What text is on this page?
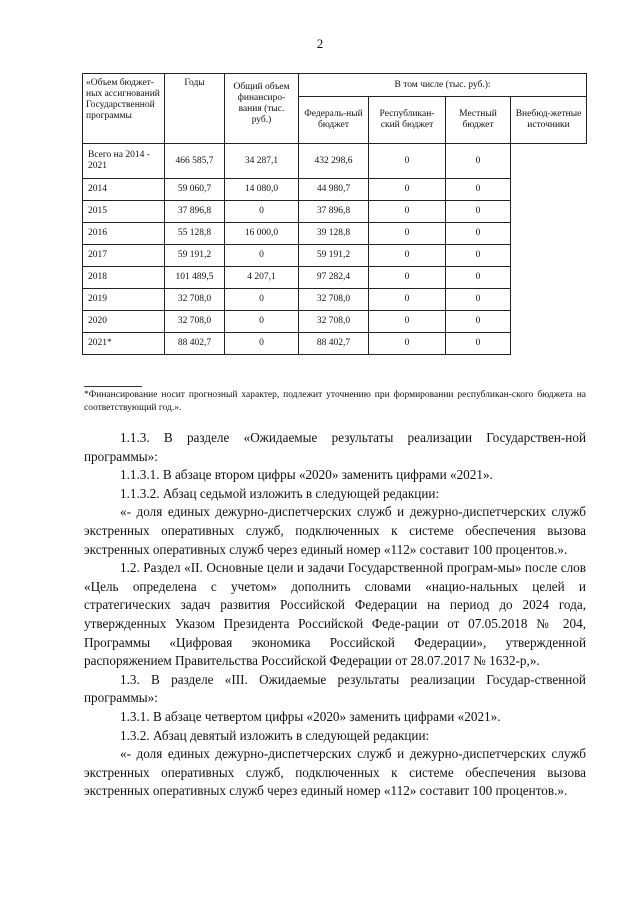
2
«Объем бюджет-ных ассигнований Государственной программы	Годы	Общий объем финансиро-вания (тыс. руб.)	В том числе (тыс. руб.):			
			Федераль-ный бюджет	Республикан-ский бюджет	Местный бюджет	Внебюд-жетные источники
Всего на 2014 - 2021	466 585,7	34 287,1	432 298,6	0	0	
2014	59 060,7	14 080,0	44 980,7	0	0	
2015	37 896,8	0	37 896,8	0	0	
2016	55 128,8	16 000,0	39 128,8	0	0	
2017	59 191,2	0	59 191,2	0	0	
2018	101 489,5	4 207,1	97 282,4	0	0	
2019	32 708,0	0	32 708,0	0	0	
2020	32 708,0	0	32 708,0	0	0	
2021*	88 402,7	0	88 402,7	0	0	
*Финансирование носит прогнозный характер, подлежит уточнению при формировании республикан-ского бюджета на соответствующий год.».

1.1.3. В разделе «Ожидаемые результаты реализации Государствен-ной программы»:

1.1.3.1. В абзаце втором цифры «2020» заменить цифрами «2021».

1.1.3.2. Абзац седьмой изложить в следующей редакции:

«- доля единых дежурно-диспетчерских служб и дежурно-диспетчерских служб экстренных оперативных служб, подключенных к системе обеспечения вызова экстренных оперативных служб через единый номер «112» составит 100 процентов.».

1.2. Раздел «II. Основные цели и задачи Государственной програм-мы» после слов «Цель определена с учетом» дополнить словами «нацио-нальных целей и стратегических задач развития Российской Федерации на период до 2024 года, утвержденных Указом Президента Российской Феде-рации от 07.05.2018 № 204, Программы «Цифровая экономика Российской Федерации», утвержденной распоряжением Правительства Российской Федерации от 28.07.2017 № 1632-р,».

1.3. В разделе «III. Ожидаемые результаты реализации Государ-ственной программы»:

1.3.1. В абзаце четвертом цифры «2020» заменить цифрами «2021».

1.3.2. Абзац девятый изложить в следующей редакции:

«- доля единых дежурно-диспетчерских служб и дежурно-диспетчерских служб экстренных оперативных служб, подключенных к системе обеспечения вызова экстренных оперативных служб через единый номер «112» составит 100 процентов.».
